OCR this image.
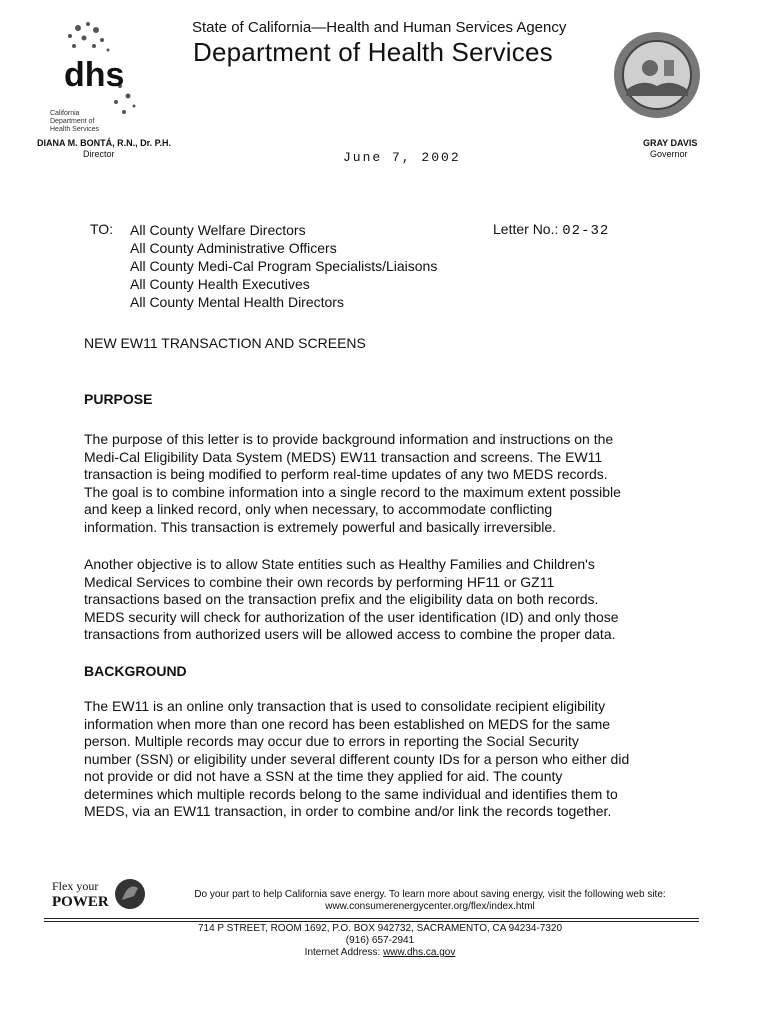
State of California—Health and Human Services Agency
Department of Health Services
dhs
California
Department of
Health Services
DIANA M. BONTÁ, R.N., Dr. P.H.
Director
GRAY DAVIS
Governor
June 7, 2002
TO: All County Welfare Directors
All County Administrative Officers
All County Medi-Cal Program Specialists/Liaisons
All County Health Executives
All County Mental Health Directors
Letter No.: 02-32
NEW EW11 TRANSACTION AND SCREENS
PURPOSE
The purpose of this letter is to provide background information and instructions on the
Medi-Cal Eligibility Data System (MEDS) EW11 transaction and screens. The EW11
transaction is being modified to perform real-time updates of any two MEDS records.
The goal is to combine information into a single record to the maximum extent possible
and keep a linked record, only when necessary, to accommodate conflicting
information. This transaction is extremely powerful and basically irreversible.
Another objective is to allow State entities such as Healthy Families and Children's
Medical Services to combine their own records by performing HF11 or GZ11
transactions based on the transaction prefix and the eligibility data on both records.
MEDS security will check for authorization of the user identification (ID) and only those
transactions from authorized users will be allowed access to combine the proper data.
BACKGROUND
The EW11 is an online only transaction that is used to consolidate recipient eligibility
information when more than one record has been established on MEDS for the same
person. Multiple records may occur due to errors in reporting the Social Security
number (SSN) or eligibility under several different county IDs for a person who either did
not provide or did not have a SSN at the time they applied for aid. The county
determines which multiple records belong to the same individual and identifies them to
MEDS, via an EW11 transaction, in order to combine and/or link the records together.
Flex your
POWER	Do your part to help California save energy. To learn more about saving energy, visit the following web site:
www.consumerenergycenter.org/flex/index.html
714 P STREET, ROOM 1692, P.O. BOX 942732, SACRAMENTO, CA 94234-7320
(916) 657-2941
Internet Address: www.dhs.ca.gov
